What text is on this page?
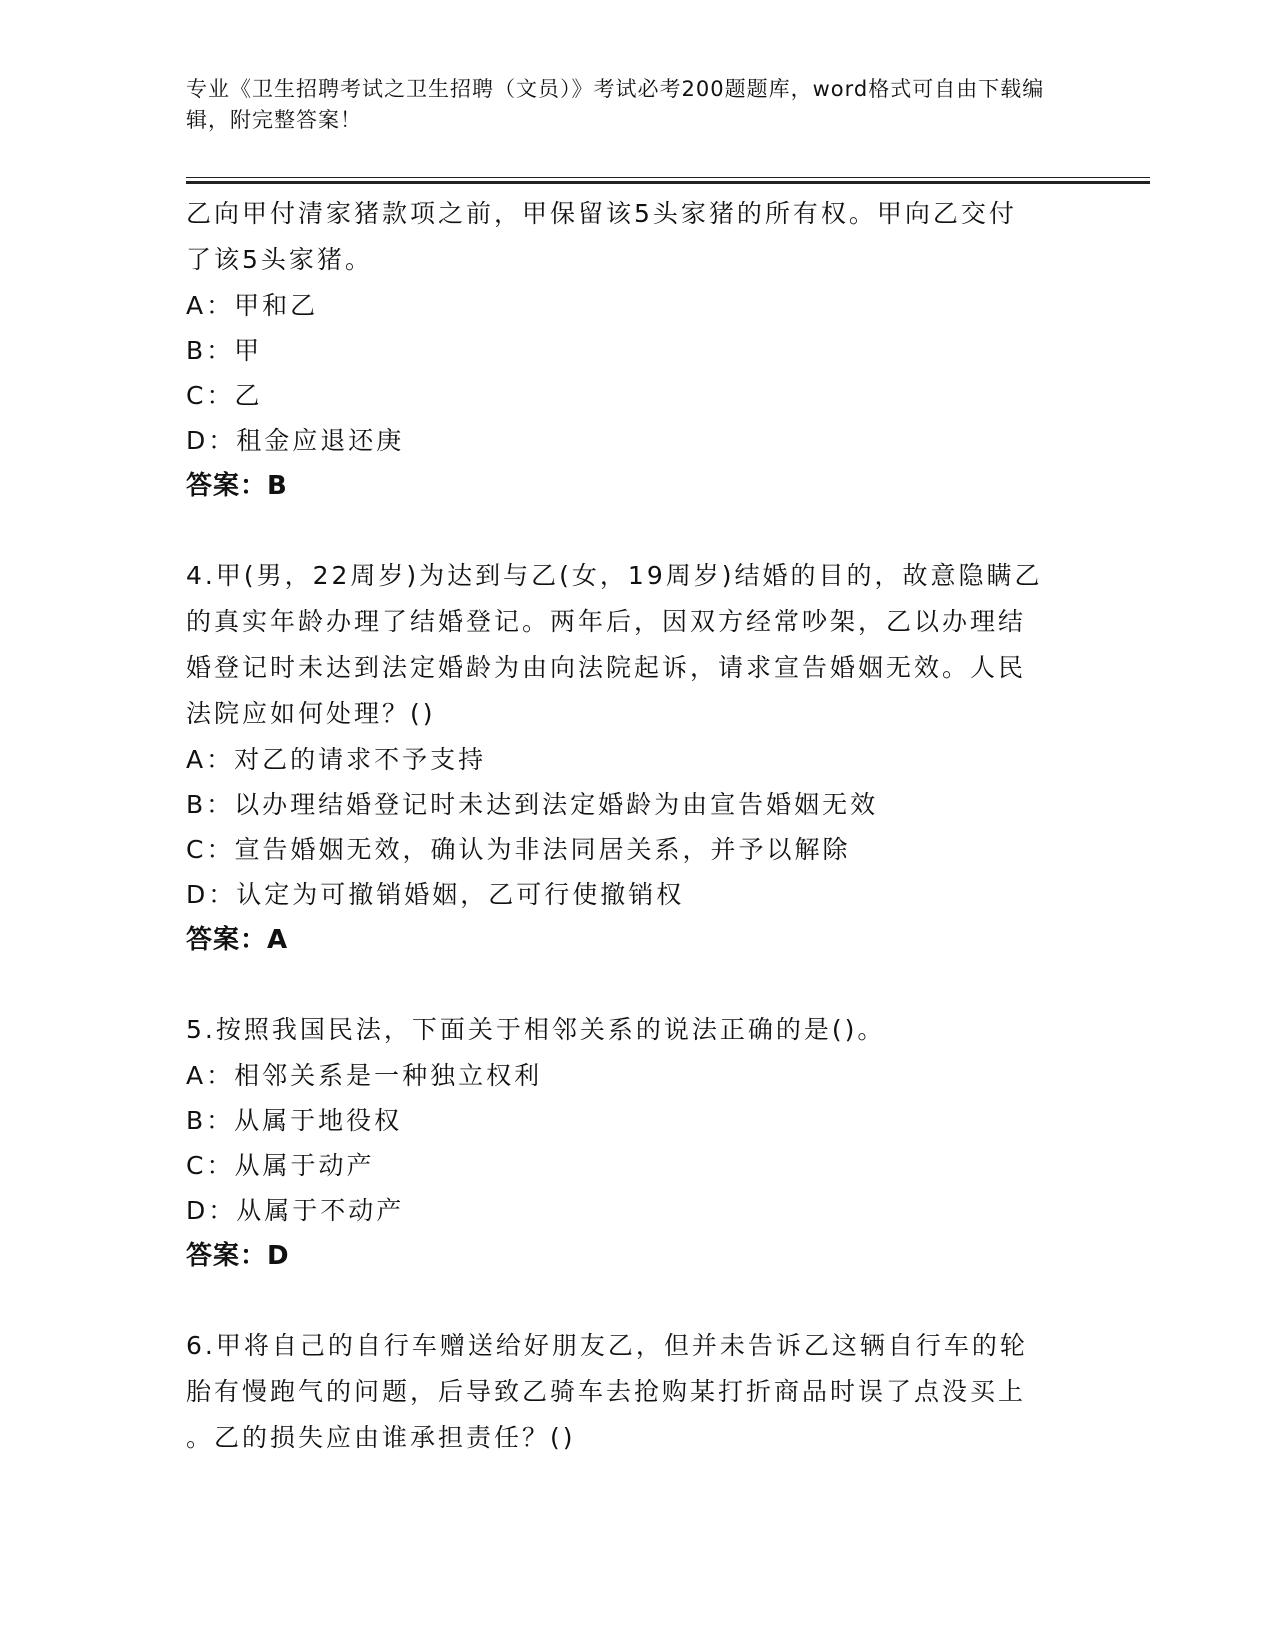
专业《卫生招聘考试之卫生招聘（文员）》考试必考200题题库，word格式可自由下载编辑，附完整答案！

乙向甲付清家猪款项之前，甲保留该5头家猪的所有权。甲向乙交付

了该5头家猪。

A：甲和乙

B：甲

C：乙

D：租金应退还庚

答案：B

4.甲(男，22周岁)为达到与乙(女，19周岁)结婚的目的，故意隐瞒乙

的真实年龄办理了结婚登记。两年后，因双方经常吵架，乙以办理结

婚登记时未达到法定婚龄为由向法院起诉，请求宣告婚姻无效。人民

法院应如何处理？()

A：对乙的请求不予支持

B：以办理结婚登记时未达到法定婚龄为由宣告婚姻无效

C：宣告婚姻无效，确认为非法同居关系，并予以解除

D：认定为可撤销婚姻，乙可行使撤销权

答案：A

5.按照我国民法，下面关于相邻关系的说法正确的是()。

A：相邻关系是一种独立权利

B：从属于地役权

C：从属于动产

D：从属于不动产

答案：D

6.甲将自己的自行车赠送给好朋友乙，但并未告诉乙这辆自行车的轮

胎有慢跑气的问题，后导致乙骑车去抢购某打折商品时误了点没买上

。乙的损失应由谁承担责任？()
